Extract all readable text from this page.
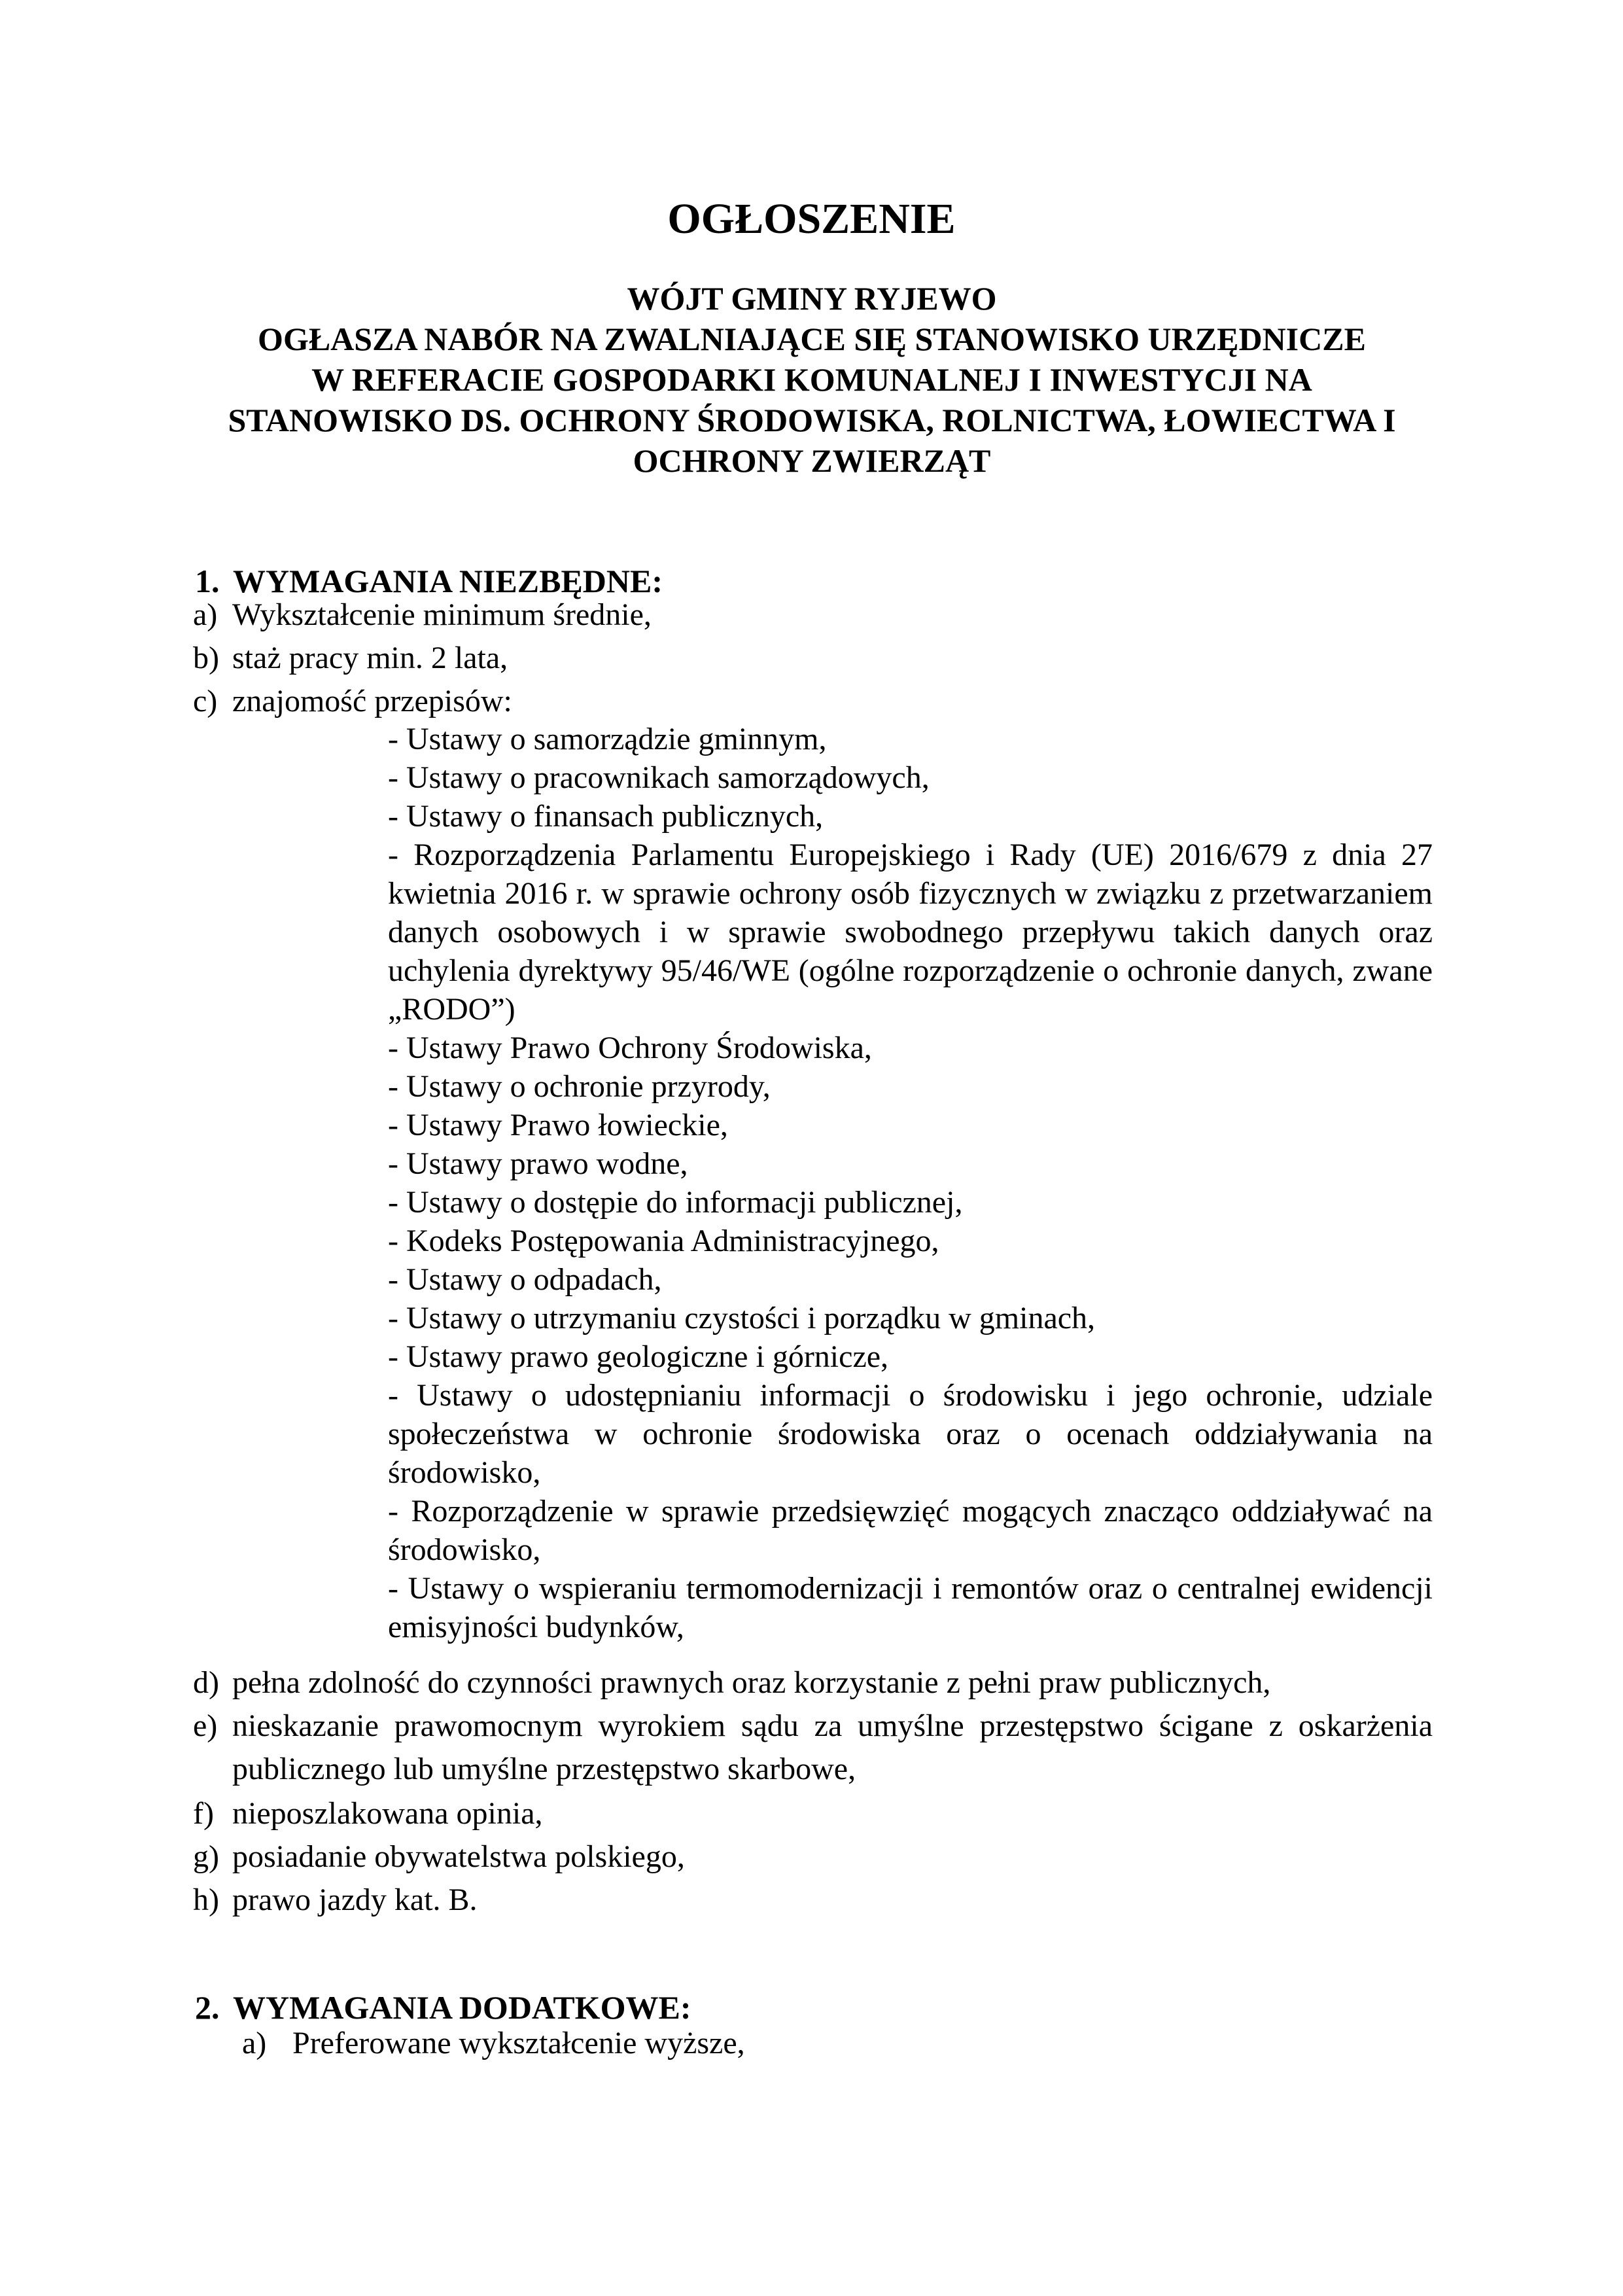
OGŁOSZENIE
WÓJT GMINY RYJEWO
OGŁASZA NABÓR NA ZWALNIAJĄCE SIĘ STANOWISKO URZĘDNICZE
W REFERACIE GOSPODARKI KOMUNALNEJ I INWESTYCJI NA
STANOWISKO DS. OCHRONY ŚRODOWISKA, ROLNICTWA, ŁOWIECTWA I
OCHRONY ZWIERZĄT
1. WYMAGANIA NIEZBĘDNE:
a) Wykształcenie minimum średnie,
b) staż pracy min. 2 lata,
c) znajomość przepisów:
- Ustawy o samorządzie gminnym,
- Ustawy o pracownikach samorządowych,
- Ustawy o finansach publicznych,
- Rozporządzenia Parlamentu Europejskiego i Rady (UE) 2016/679 z dnia 27 kwietnia 2016 r. w sprawie ochrony osób fizycznych w związku z przetwarzaniem danych osobowych i w sprawie swobodnego przepływu takich danych oraz uchylenia dyrektywy 95/46/WE (ogólne rozporządzenie o ochronie danych, zwane „RODO”)
- Ustawy Prawo Ochrony Środowiska,
- Ustawy o ochronie przyrody,
- Ustawy Prawo łowieckie,
- Ustawy prawo wodne,
- Ustawy o dostępie do informacji publicznej,
- Kodeks Postępowania Administracyjnego,
- Ustawy o odpadach,
- Ustawy o utrzymaniu czystości i porządku w gminach,
- Ustawy prawo geologiczne i górnicze,
- Ustawy o udostępnianiu informacji o środowisku i jego ochronie, udziale społeczeństwa w ochronie środowiska oraz o ocenach oddziaływania na środowisko,
- Rozporządzenie w sprawie przedsięwzięć mogących znacząco oddziaływać na środowisko,
- Ustawy o wspieraniu termomodernizacji i remontów oraz o centralnej ewidencji emisyjności budynków,
d) pełna zdolność do czynności prawnych oraz korzystanie z pełni praw publicznych,
e) nieskazanie prawomocnym wyrokiem sądu za umyślne przestępstwo ścigane z oskarżenia publicznego lub umyślne przestępstwo skarbowe,
f) nieposzlakowana opinia,
g) posiadanie obywatelstwa polskiego,
h) prawo jazdy kat. B.
2. WYMAGANIA DODATKOWE:
a) Preferowane wykształcenie wyższe,
